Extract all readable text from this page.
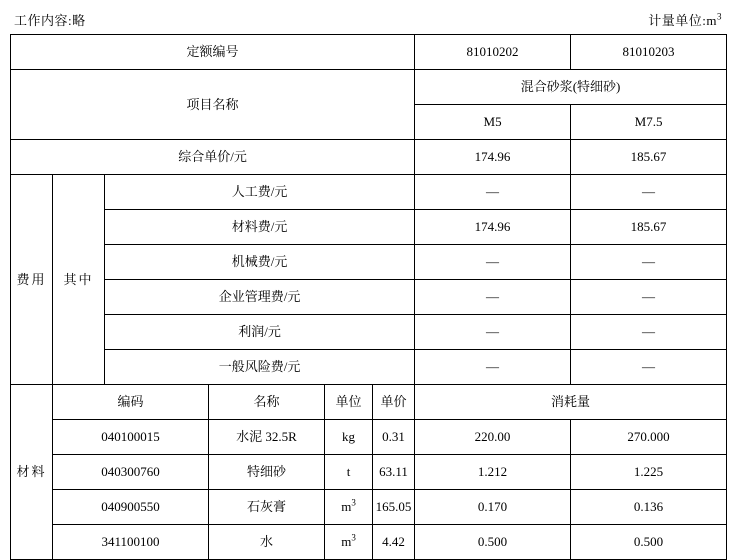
工作内容:略	计量单位$:m^3$
定额编号						81010202	81010203
项目名称						混合砂浆(特细砂)	
						M5	M7.5
综合单价/元						174.96	185.67
费用	其中	人工费/元				—	—
		材料费/元				174.96	185.67
		机械费/元				—	—
		企业管理费/元				—	—
		利润/元				—	—
		一般风险费/元				—	—
材料	编码		名称	单位	单价	消耗量	
	040100015		水泥 32.5R	kg	0.31	220.00	270.000
	040300760		特细砂	t	63.11	1.212	1.225
	040900550		石灰膏	$m^3$	165.05	0.170	0.136
	341100100		水	$m^3$	4.42	0.500	0.500
